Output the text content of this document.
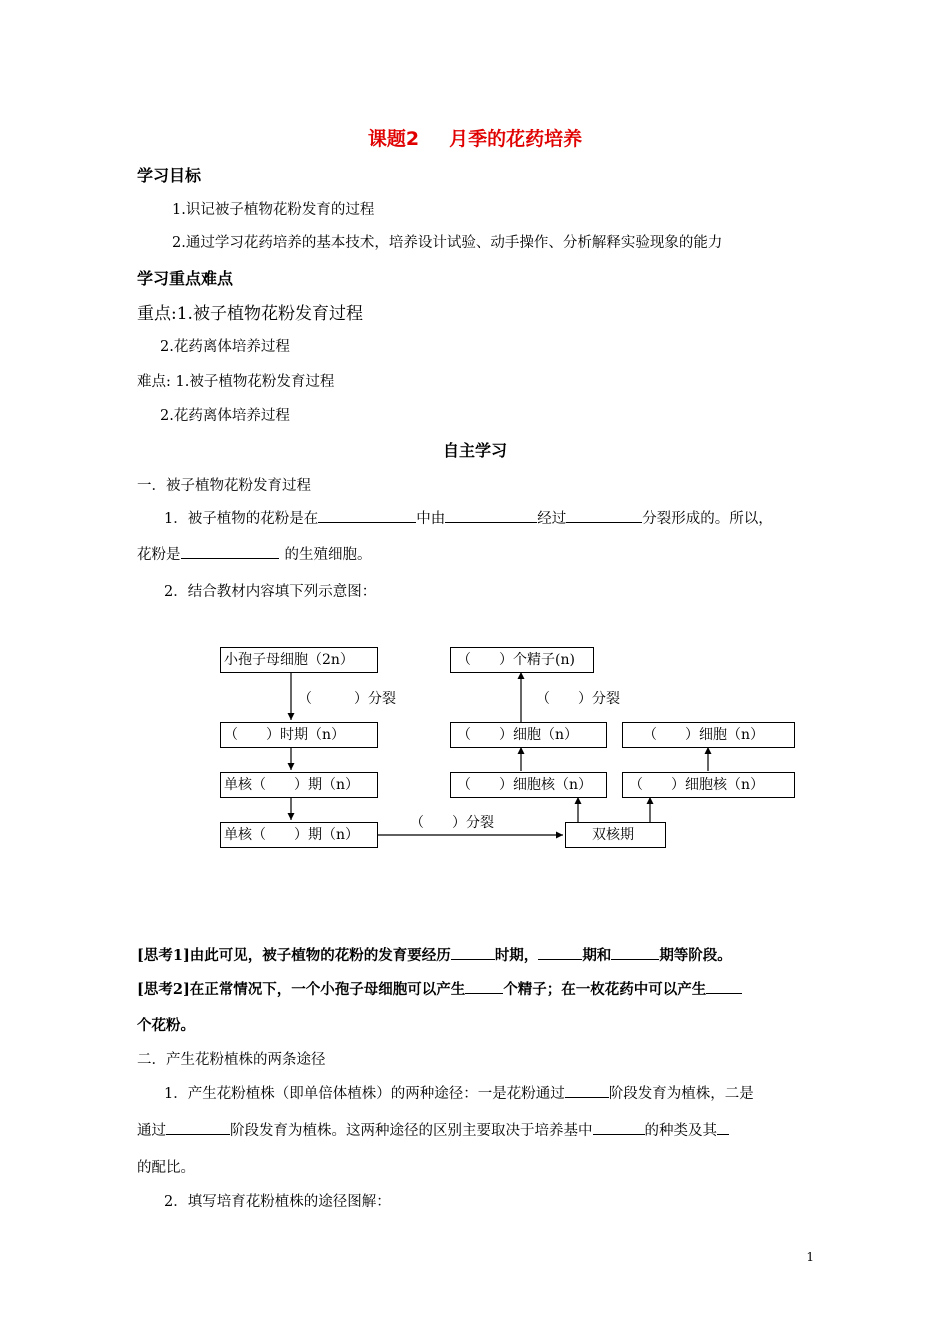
课题2 月季的花药培养
学习目标
1.识记被子植物花粉发育的过程
2.通过学习花药培养的基本技术，培养设计试验、动手操作、分析解释实验现象的能力
学习重点难点
重点:1.被子植物花粉发育过程
2.花药离体培养过程
难点: 1.被子植物花粉发育过程
2.花药离体培养过程
自主学习
一．被子植物花粉发育过程
1．被子植物的花粉是在	中由	经过	分裂形成的。所以，
花粉是	的生殖细胞。
2．结合教材内容填下列示意图：
小孢子母细胞（2n）
（　　）时期（n）
单核（　　）期（n）
单核（　　）期（n）	双核期
（　　）细胞核（n）
（　　）细胞（n）
（　　）个精子(n)
（　　）细胞核（n）
（　　）细胞（n）
（　　　）分裂	（　　）分裂
（　　）分裂
[思考1]由此可见，被子植物的花粉的发育要经历	时期，	期和	期等阶段。
[思考2]在正常情况下，一个小孢子母细胞可以产生	个精子；在一枚花药中可以产生
个花粉。
二．产生花粉植株的两条途径
1．产生花粉植株（即单倍体植株）的两种途径：一是花粉通过	阶段发育为植株，二是
通过	阶段发育为植株。这两种途径的区别主要取决于培养基中	的种类及其
的配比。
2．填写培育花粉植株的途径图解：
1
